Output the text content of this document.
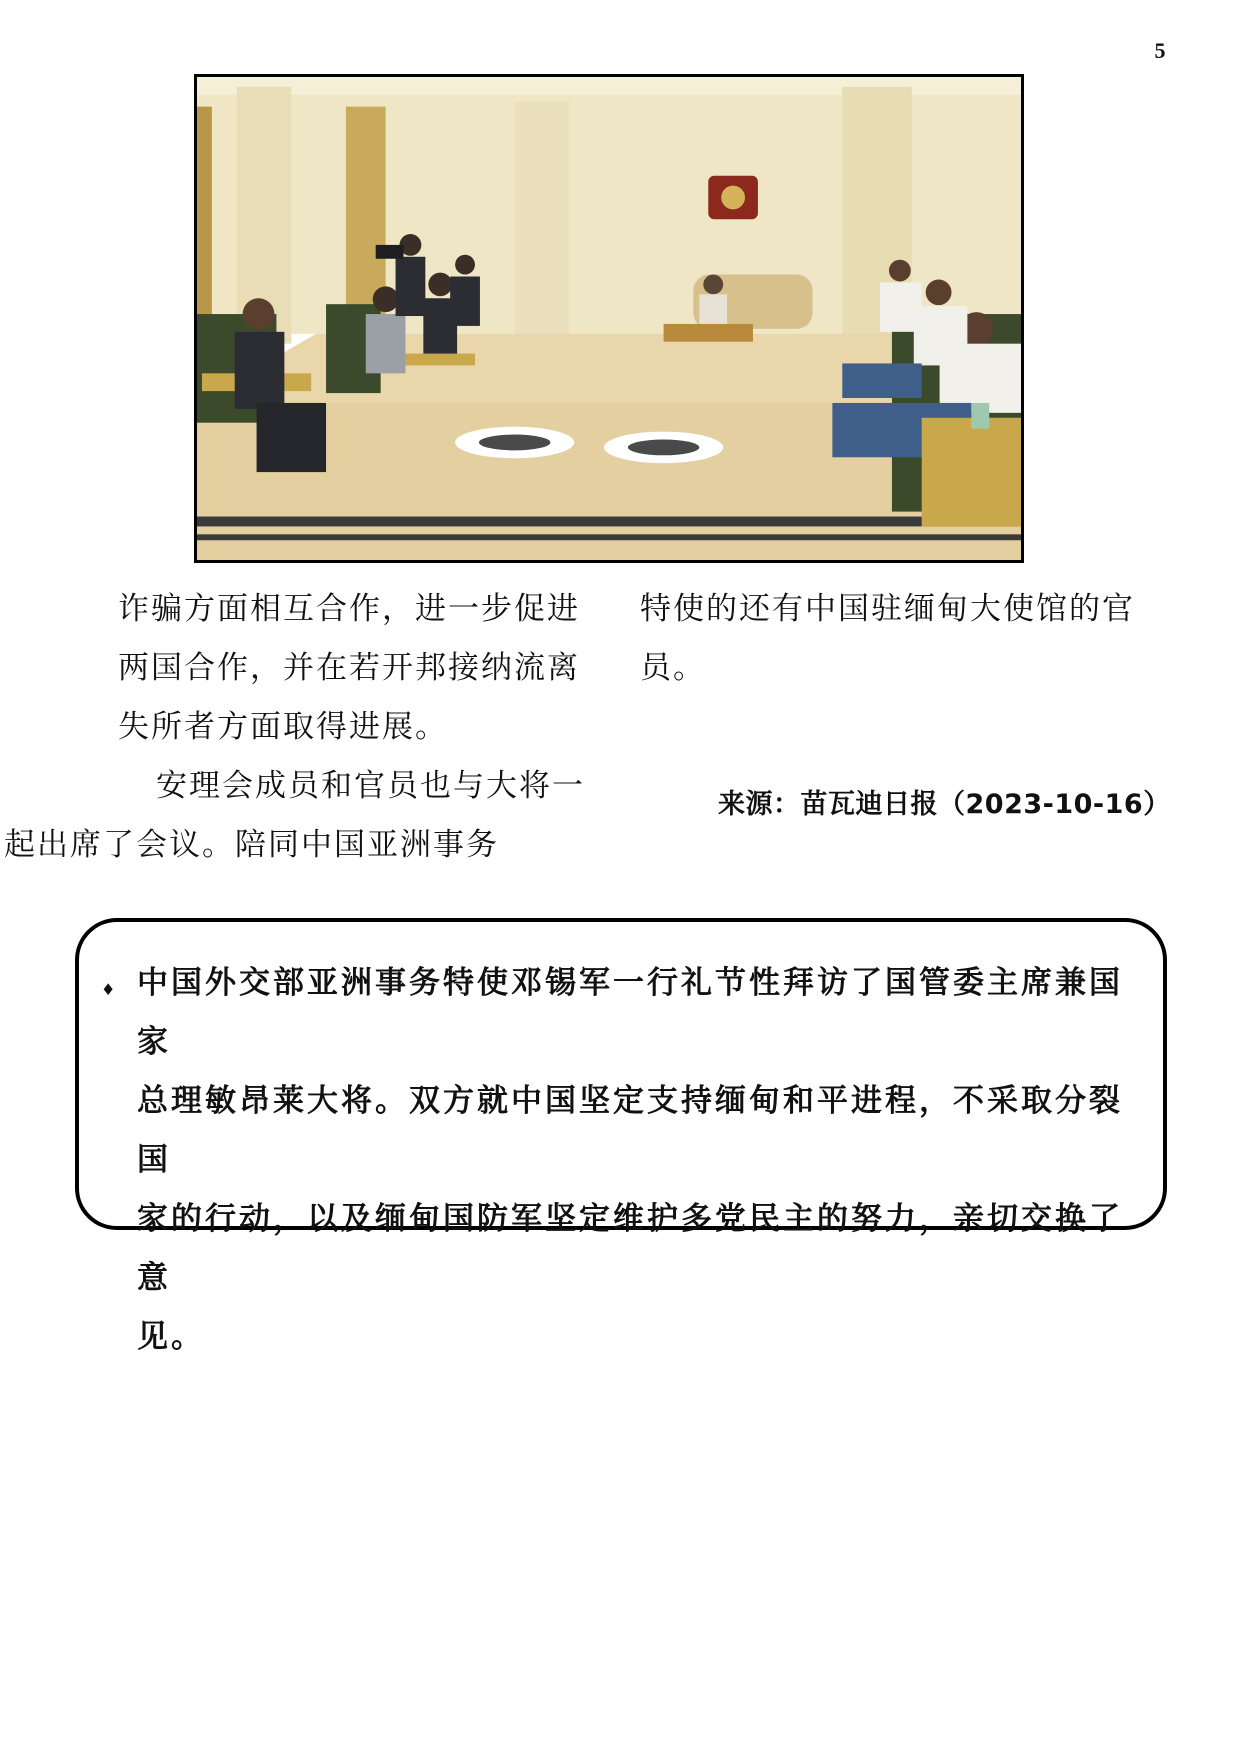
5

诈骗方面相互合作，进一步促进
两国合作，并在若开邦接纳流离
失所者方面取得进展。

安理会成员和官员也与大将一
起出席了会议。陪同中国亚洲事务

特使的还有中国驻缅甸大使馆的官
员。

来源：苗瓦迪日报（2023-10-16）
♦ 中国外交部亚洲事务特使邓锡军一行礼节性拜访了国管委主席兼国家
总理敏昂莱大将。双方就中国坚定支持缅甸和平进程，不采取分裂国
家的行动，以及缅甸国防军坚定维护多党民主的努力，亲切交换了意
见。
